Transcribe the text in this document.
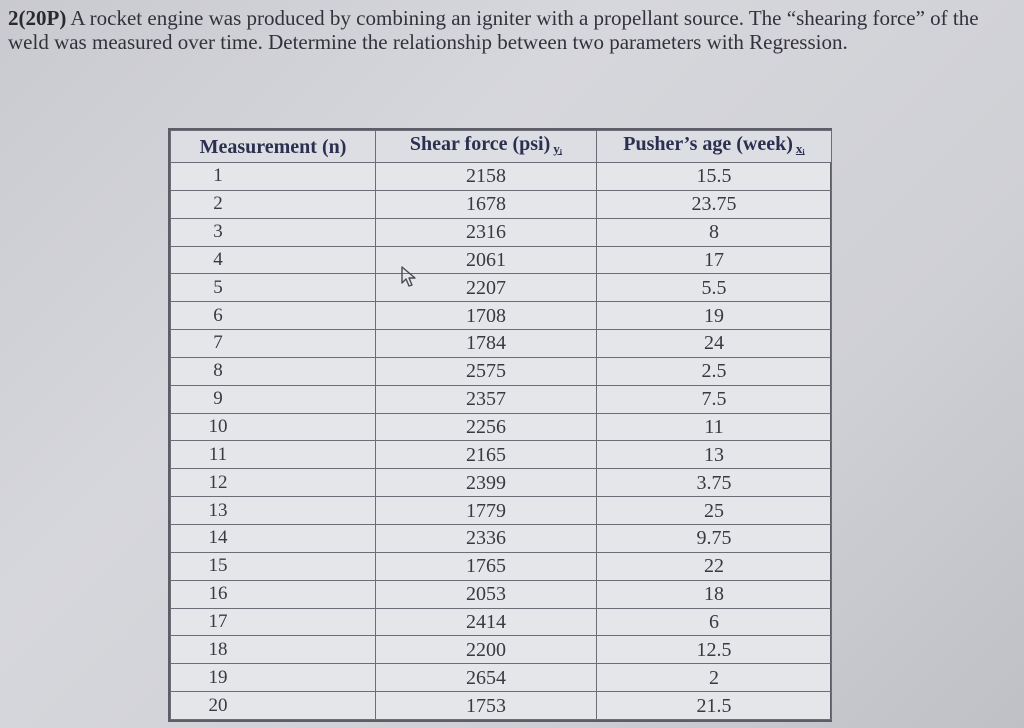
2(20P) A rocket engine was produced by combining an igniter with a propellant source. The “shearing force” of the weld was measured over time. Determine the relationship between two parameters with Regression.
Measurement (n)	Shear force (psi) $_{yᵢ}$	Pusher’s age (week) $_{xᵢ}$
1	2158	15.5
2	1678	23.75
3	2316	8
4	2061	17
5	2207	5.5
6	1708	19
7	1784	24
8	2575	2.5
9	2357	7.5
10	2256	11
11	2165	13
12	2399	3.75
13	1779	25
14	2336	9.75
15	1765	22
16	2053	18
17	2414	6
18	2200	12.5
19	2654	2
20	1753	21.5
